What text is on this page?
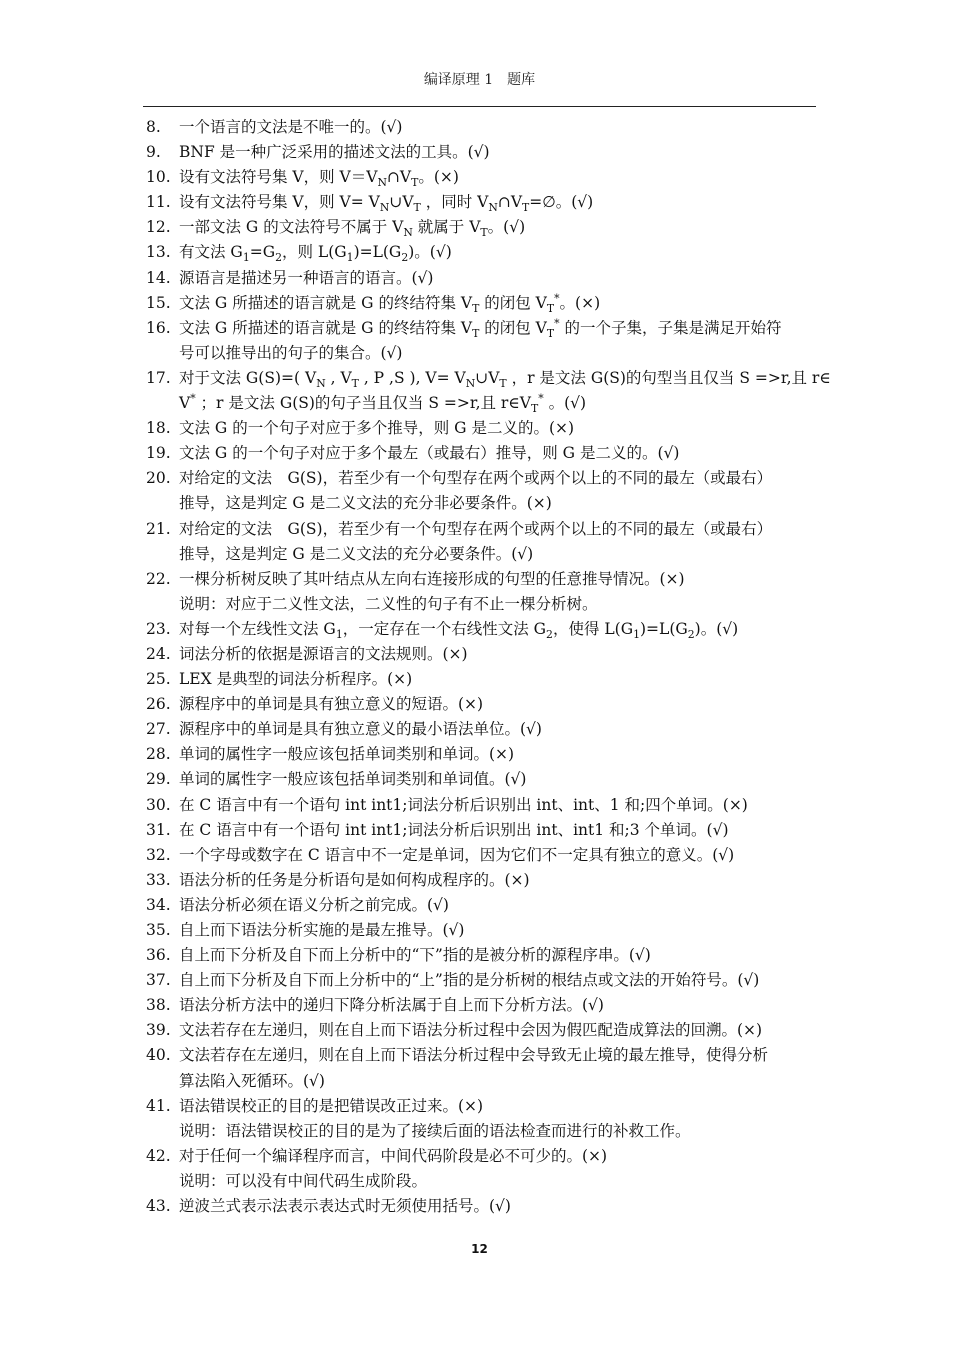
编译原理 1　题库
8.	一个语言的文法是不唯一的。(√)
9.	BNF 是一种广泛采用的描述文法的工具。(√)
10. 设有文法符号集 V，则 $V=V_N\cap V_T$。(×)
11. 设有文法符号集 V，则 $V= V_N\cup V_T$ ，同时 $V_N\cap V_T=\emptyset$。(√)
12. 一部文法 G 的文法符号不属于 $V_N$ 就属于 $V_T$。(√)
13. 有文法 $G_1=G_2$，则 $L(G_1)=L(G_2)$。(√)
14. 源语言是描述另一种语言的语言。(√)
15. 文法 G 所描述的语言就是 G 的终结符集 $V_T$ 的闭包 $V_T^*$。(×)
16. 文法 G 所描述的语言就是 G 的终结符集 $V_T$ 的闭包 $V_T^*$ 的一个子集，子集是满足开始符
号可以推导出的句子的集合。(√)
17. 对于文法 G(S)=( $V_N$ , $V_T$ , P ,S ), $V= V_N\cup V_T$ ，r 是文法 G(S)的句型当且仅当 S =>r,且 r∈
V* ；r 是文法 G(S)的句子当且仅当 S =>r,且 $r\in V_T^*$ 。(√)
18. 文法 G 的一个句子对应于多个推导，则 G 是二义的。(×)
19. 文法 G 的一个句子对应于多个最左（或最右）推导，则 G 是二义的。(√)
20. 对给定的文法　G(S)，若至少有一个句型存在两个或两个以上的不同的最左（或最右）
推导，这是判定 G 是二义文法的充分非必要条件。(×)
21. 对给定的文法　G(S)，若至少有一个句型存在两个或两个以上的不同的最左（或最右）
推导，这是判定 G 是二义文法的充分必要条件。(√)
22. 一棵分析树反映了其叶结点从左向右连接形成的句型的任意推导情况。(×)
说明：对应于二义性文法，二义性的句子有不止一棵分析树。
23. 对每一个左线性文法 $G_1$，一定存在一个右线性文法 $G_2$，使得 $L(G_1)=L(G_2)$。(√)
24. 词法分析的依据是源语言的文法规则。(×)
25. LEX 是典型的词法分析程序。(×)
26. 源程序中的单词是具有独立意义的短语。(×)
27. 源程序中的单词是具有独立意义的最小语法单位。(√)
28. 单词的属性字一般应该包括单词类别和单词。(×)
29. 单词的属性字一般应该包括单词类别和单词值。(√)
30. 在 C 语言中有一个语句 int int1;词法分析后识别出 int、int、1 和;四个单词。(×)
31. 在 C 语言中有一个语句 int int1;词法分析后识别出 int、int1 和;3 个单词。(√)
32. 一个字母或数字在 C 语言中不一定是单词，因为它们不一定具有独立的意义。(√)
33. 语法分析的任务是分析语句是如何构成程序的。(×)
34. 语法分析必须在语义分析之前完成。(√)
35. 自上而下语法分析实施的是最左推导。(√)
36. 自上而下分析及自下而上分析中的“下”指的是被分析的源程序串。(√)
37. 自上而下分析及自下而上分析中的“上”指的是分析树的根结点或文法的开始符号。(√)
38. 语法分析方法中的递归下降分析法属于自上而下分析方法。(√)
39. 文法若存在左递归，则在自上而下语法分析过程中会因为假匹配造成算法的回溯。(×)
40. 文法若存在左递归，则在自上而下语法分析过程中会导致无止境的最左推导，使得分析
算法陷入死循环。(√)
41. 语法错误校正的目的是把错误改正过来。(×)
说明：语法错误校正的目的是为了接续后面的语法检查而进行的补救工作。
42. 对于任何一个编译程序而言，中间代码阶段是必不可少的。(×)
说明：可以没有中间代码生成阶段。
43. 逆波兰式表示法表示表达式时无须使用括号。(√)
12
